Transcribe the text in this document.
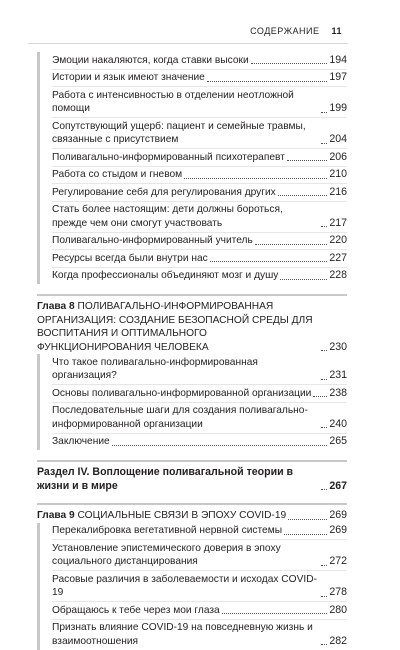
СОДЕРЖАНИЕ 11
Эмоции накаляются, когда ставки высоки	194
Истории и язык имеют значение	197
Работа с интенсивностью в отделении неотложной помощи	199
Сопутствующий ущерб: пациент и семейные травмы, связанные с присутствием	204
Поливагально-информированный психотерапевт	206
Работа со стыдом и гневом	210
Регулирование себя для регулирования других	216
Стать более настоящим: дети должны бороться, прежде чем они смогут участвовать	217
Поливагально-информированный учитель	220
Ресурсы всегда были внутри нас	227
Когда профессионалы объединяют мозг и душу	228
Глава 8 ПОЛИВАГАЛЬНО-ИНФОРМИРОВАННАЯ ОРГАНИЗАЦИЯ: СОЗДАНИЕ БЕЗОПАСНОЙ СРЕДЫ ДЛЯ ВОСПИТАНИЯ И ОПТИМАЛЬНОГО ФУНКЦИОНИРОВАНИЯ ЧЕЛОВЕКА	230
Что такое поливагально-информированная организация?	231
Основы поливагально-информированной организации 238
Последовательные шаги для создания поливагально-информированной организации	240
Заключение	265
Раздел IV. Воплощение поливагальной теории в жизни и в мире	267
Глава 9 СОЦИАЛЬНЫЕ СВЯЗИ В ЭПОХУ COVID-19	269
Перекалибровка вегетативной нервной системы	269
Установление эпистемического доверия в эпоху социального дистанцирования	272
Расовые различия в заболеваемости и исходах COVID-19	278
Обращаюсь к тебе через мои глаза	280
Признать влияние COVID-19 на повседневную жизнь и взаимоотношения	282
